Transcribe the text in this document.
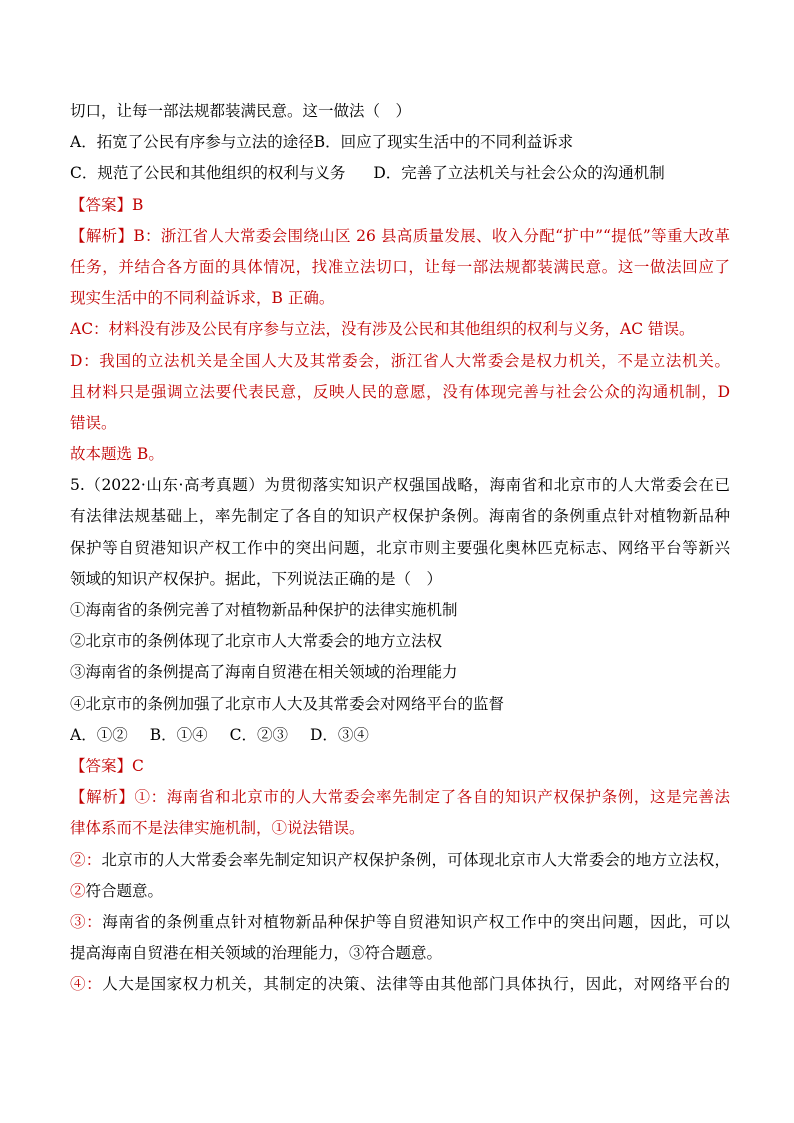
切口，让每一部法规都装满民意。这一做法（　）
A．拓宽了公民有序参与立法的途径B．回应了现实生活中的不同利益诉求
C．规范了公民和其他组织的权利与义务 D．完善了立法机关与社会公众的沟通机制
【答案】B
【解析】B：浙江省人大常委会围绕山区 26 县高质量发展、收入分配“扩中”“提低”等重大改革
任务，并结合各方面的具体情况，找准立法切口，让每一部法规都装满民意。这一做法回应了
现实生活中的不同利益诉求，B 正确。
AC：材料没有涉及公民有序参与立法，没有涉及公民和其他组织的权利与义务，AC 错误。
D：我国的立法机关是全国人大及其常委会，浙江省人大常委会是权力机关，不是立法机关。
且材料只是强调立法要代表民意，反映人民的意愿，没有体现完善与社会公众的沟通机制，D
错误。
故本题选 B。
5.（2022·山东·高考真题）为贯彻落实知识产权强国战略，海南省和北京市的人大常委会在已
有法律法规基础上，率先制定了各自的知识产权保护条例。海南省的条例重点针对植物新品种
保护等自贸港知识产权工作中的突出问题，北京市则主要强化奥林匹克标志、网络平台等新兴
领域的知识产权保护。据此，下列说法正确的是（　）
①海南省的条例完善了对植物新品种保护的法律实施机制
②北京市的条例体现了北京市人大常委会的地方立法权
③海南省的条例提高了海南自贸港在相关领域的治理能力
④北京市的条例加强了北京市人大及其常委会对网络平台的监督
A．①② B．①④ C．②③ D．③④
【答案】C
【解析】①：海南省和北京市的人大常委会率先制定了各自的知识产权保护条例，这是完善法
律体系而不是法律实施机制，①说法错误。
②：北京市的人大常委会率先制定知识产权保护条例，可体现北京市人大常委会的地方立法权，
②符合题意。
③：海南省的条例重点针对植物新品种保护等自贸港知识产权工作中的突出问题，因此，可以
提高海南自贸港在相关领域的治理能力，③符合题意。
④：人大是国家权力机关，其制定的决策、法律等由其他部门具体执行，因此，对网络平台的
